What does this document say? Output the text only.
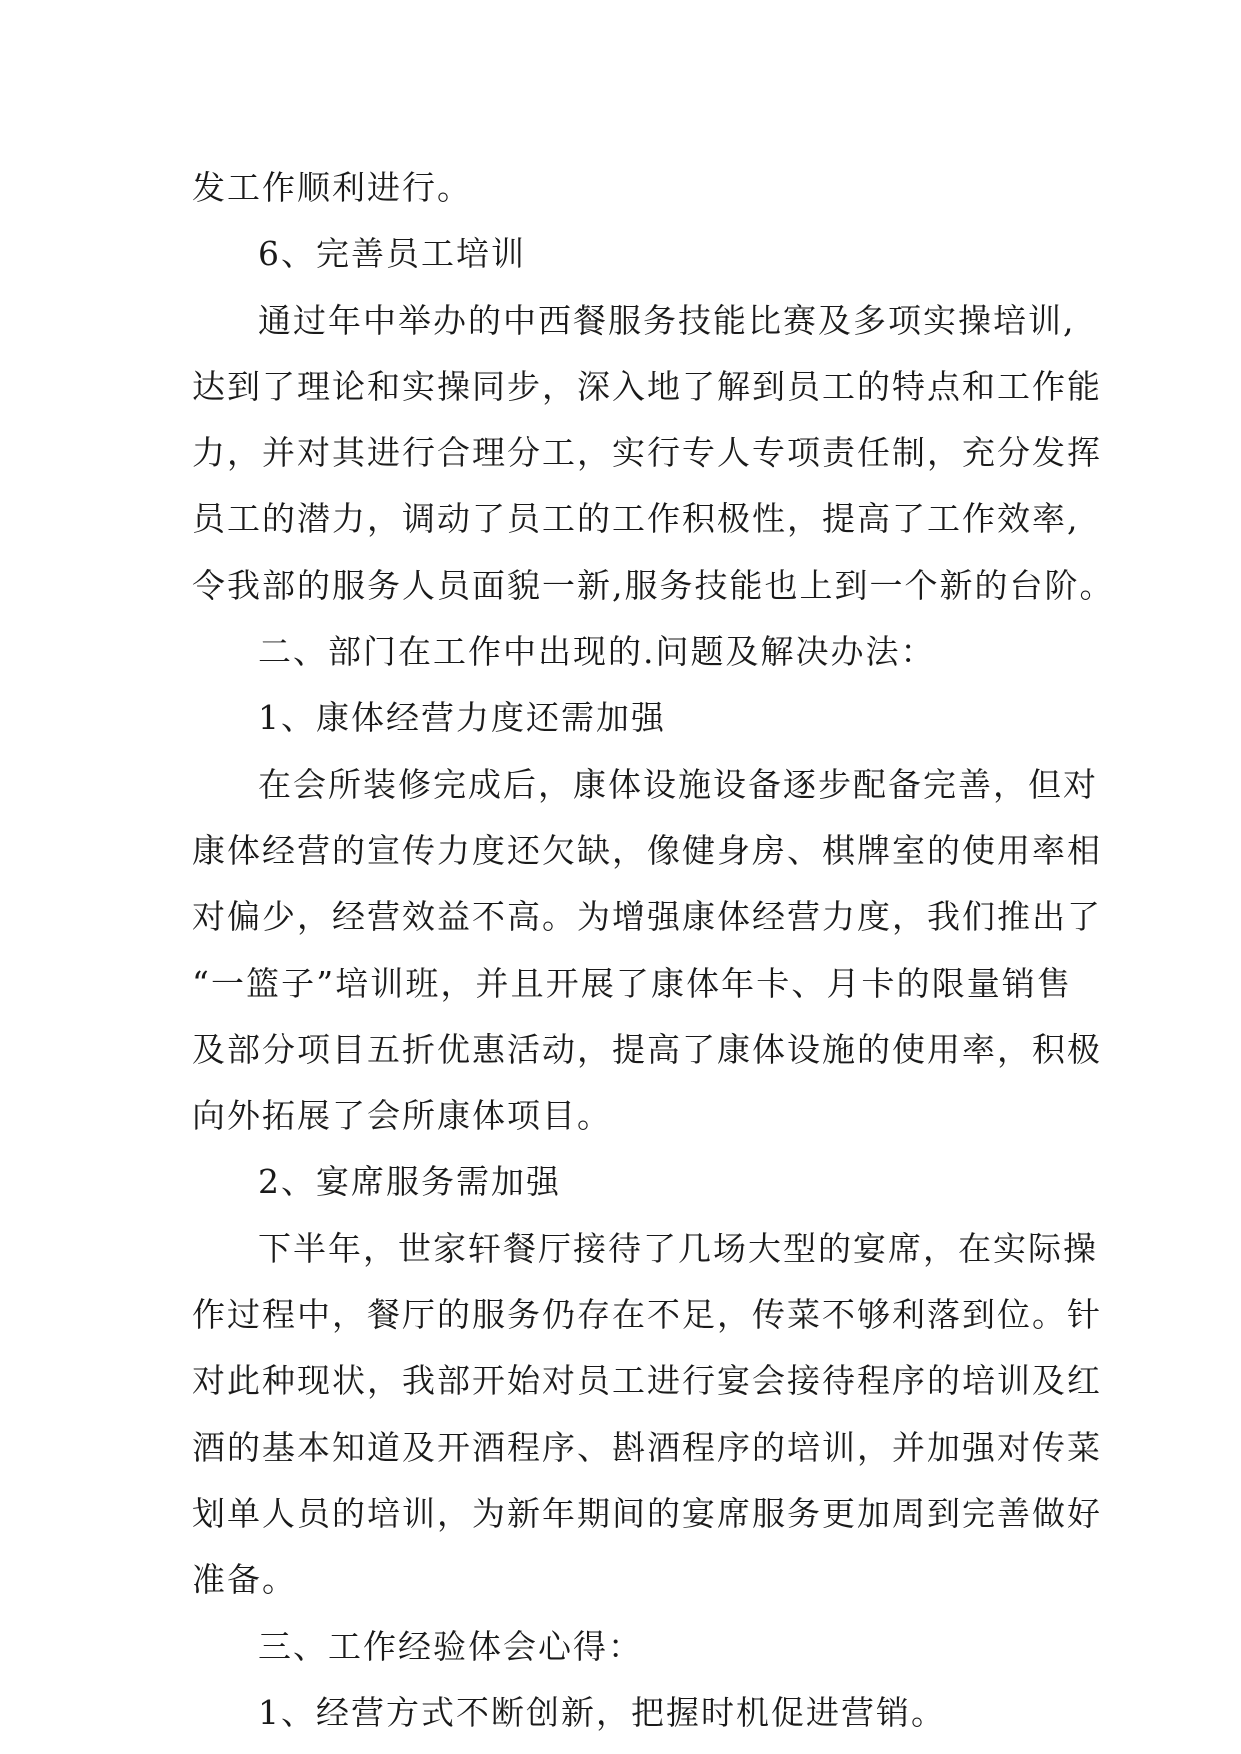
发工作顺利进行。
6、完善员工培训
通过年中举办的中西餐服务技能比赛及多项实操培训,
达到了理论和实操同步，深入地了解到员工的特点和工作能
力，并对其进行合理分工，实行专人专项责任制，充分发挥
员工的潜力，调动了员工的工作积极性，提高了工作效率,
令我部的服务人员面貌一新,服务技能也上到一个新的台阶。
二、部门在工作中出现的.问题及解决办法：
1、康体经营力度还需加强
在会所装修完成后，康体设施设备逐步配备完善，但对
康体经营的宣传力度还欠缺，像健身房、棋牌室的使用率相
对偏少，经营效益不高。为增强康体经营力度，我们推出了
“一篮子”培训班，并且开展了康体年卡、月卡的限量销售
及部分项目五折优惠活动，提高了康体设施的使用率，积极
向外拓展了会所康体项目。
2、宴席服务需加强
下半年，世家轩餐厅接待了几场大型的宴席，在实际操
作过程中，餐厅的服务仍存在不足，传菜不够利落到位。针
对此种现状，我部开始对员工进行宴会接待程序的培训及红
酒的基本知道及开酒程序、斟酒程序的培训，并加强对传菜
划单人员的培训，为新年期间的宴席服务更加周到完善做好
准备。
三、工作经验体会心得：
1、经营方式不断创新，把握时机促进营销。
